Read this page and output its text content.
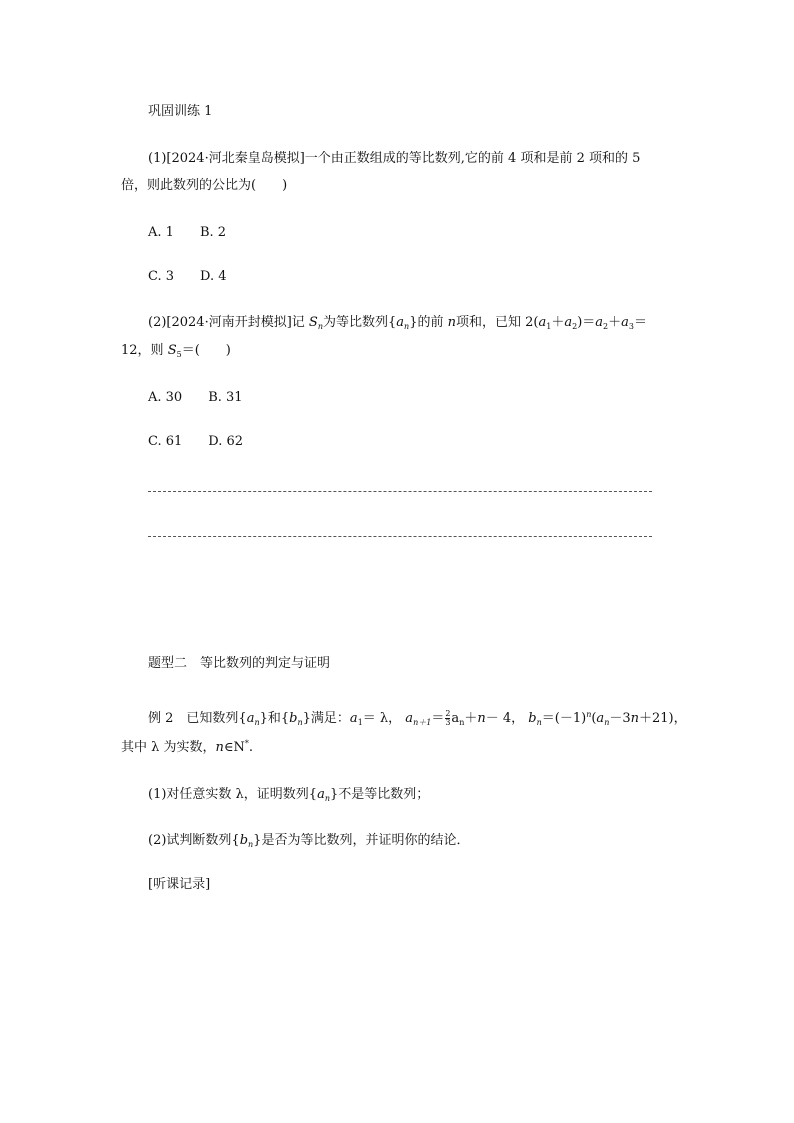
巩固训练 1
(1)[2024·河北秦皇岛模拟]一个由正数组成的等比数列,它的前 4 项和是前 2 项和的 5
倍，则此数列的公比为(　　)
A. 1 B. 2
C. 3 D. 4
(2)[2024·河南开封模拟]记 $S_n$为等比数列$\{a_n\}$的前 n项和，已知 $2(a_1+a_2)=a_2+a_3=$
12，则 $S_5=$(　　)
A. 30 B. 31
C. 61 D. 62
题型二　等比数列的判定与证明
例 2　已知数列$\{a_n\}$和$\{b_n\}$满足：$a_1= \lambda$， $a_{n+1}= \frac{2}{3} a_n+n- 4$， $b_n=(-1)^n(a_n-3n+21)$，
其中 λ 为实数，n∈N*.
(1)对任意实数 λ，证明数列$\{a_n\}$不是等比数列；
(2)试判断数列$\{b_n\}$是否为等比数列，并证明你的结论．
[听课记录]
